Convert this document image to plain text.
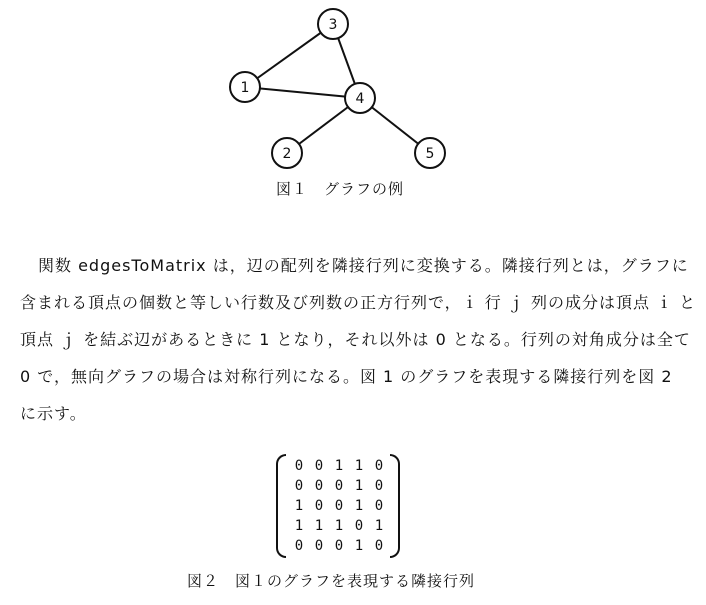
1
2
3
4
5
図１　グラフの例
関数 edgesToMatrix は，辺の配列を隣接行列に変換する。隣接行列とは，グラフに
含まれる頂点の個数と等しい行数及び列数の正方行列で，ｉ 行 ｊ 列の成分は頂点 ｉ と
頂点 ｊ を結ぶ辺があるときに 1 となり，それ以外は 0 となる。行列の対角成分は全て
0 で，無向グラフの場合は対称行列になる。図 1 のグラフを表現する隣接行列を図 2
に示す。
0 0 1 1 0
0 0 0 1 0
1 0 0 1 0
1 1 1 0 1
0 0 0 1 0
図２　図１のグラフを表現する隣接行列
